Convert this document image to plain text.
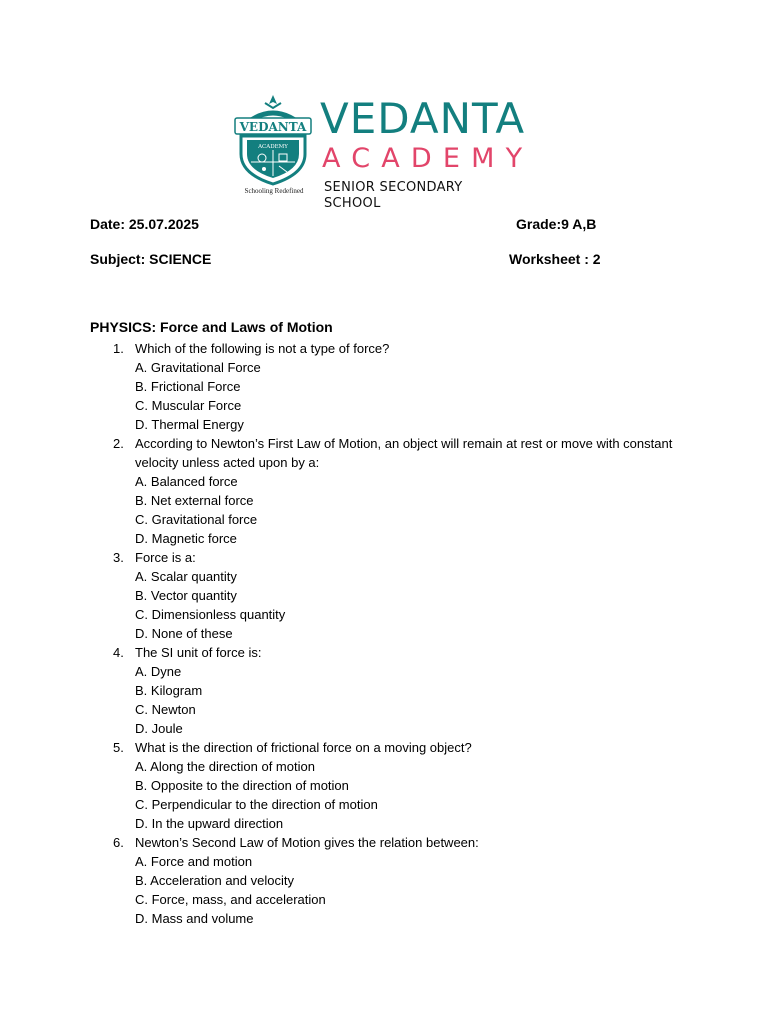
VEDANTA
ACADEMY
Schooling Redefined
VEDANTA
ACADEMY
SENIOR SECONDARY SCHOOL
Date: 25.07.2025	Grade:9 A,B
Subject: SCIENCE	Worksheet : 2
PHYSICS: Force and Laws of Motion
1. Which of the following is not a type of force?
A. Gravitational Force
B. Frictional Force
C. Muscular Force
D. Thermal Energy
2. According to Newton’s First Law of Motion, an object will remain at rest or move with constant velocity unless acted upon by a:
A. Balanced force
B. Net external force
C. Gravitational force
D. Magnetic force
3. Force is a:
A. Scalar quantity
B. Vector quantity
C. Dimensionless quantity
D. None of these
4. The SI unit of force is:
A. Dyne
B. Kilogram
C. Newton
D. Joule
5. What is the direction of frictional force on a moving object?
A. Along the direction of motion
B. Opposite to the direction of motion
C. Perpendicular to the direction of motion
D. In the upward direction
6. Newton’s Second Law of Motion gives the relation between:
A. Force and motion
B. Acceleration and velocity
C. Force, mass, and acceleration
D. Mass and volume
